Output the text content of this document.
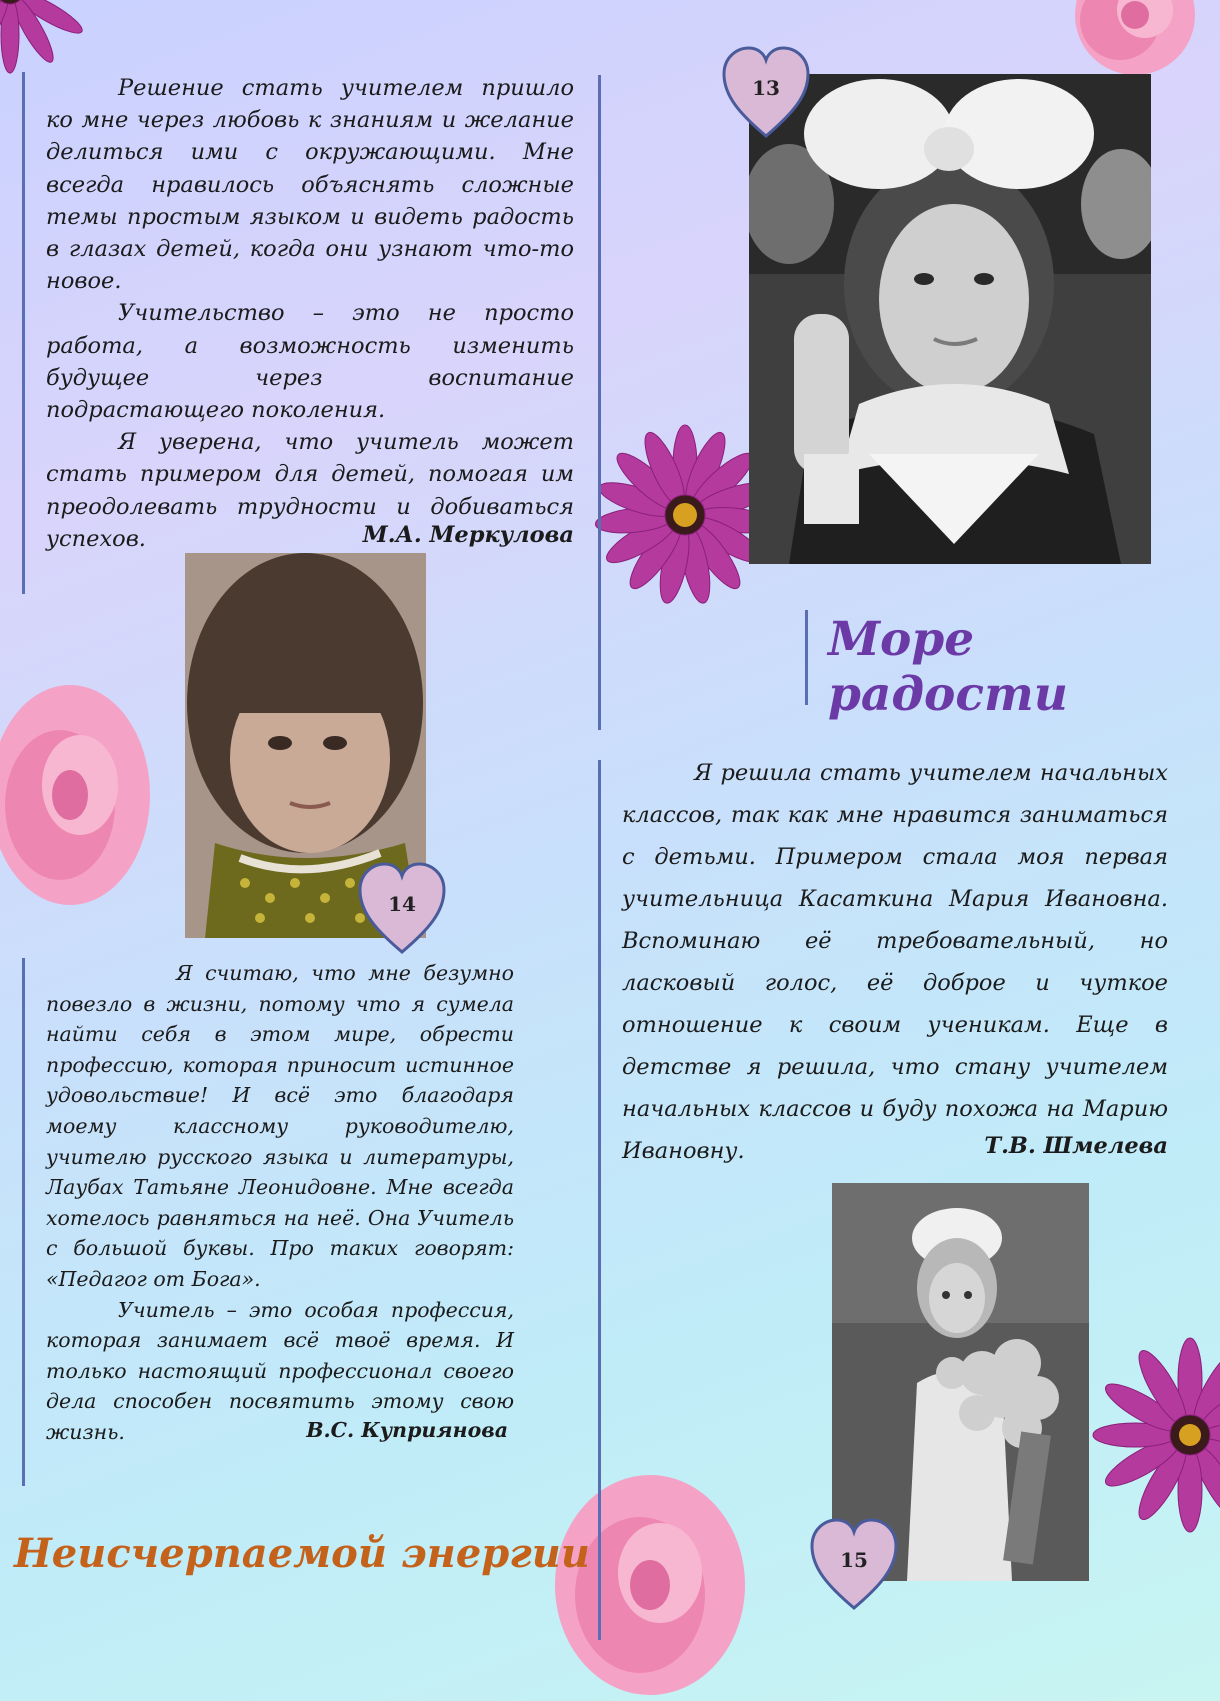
Решение стать учителем пришло ко мне через любовь к знаниям и желание делиться ими с окружающими. Мне всегда нравилось объяснять сложные темы простым языком и видеть радость в глазах детей, когда они узнают что-то новое.

Учительство – это не просто работа, а возможность изменить будущее через воспитание подрастающего поколения.

Я уверена, что учитель может стать примером для детей, помогая им преодолевать трудности и добиваться успехов.	М.А. Меркулова
14

Я считаю, что мне безумно повезло в жизни, потому что я сумела найти себя в этом мире, обрести профессию, которая приносит истинное удовольствие! И всё это благодаря моему классному руководителю, учителю русского языка и литературы, Лаубах Татьяне Леонидовне. Мне всегда хотелось равняться на неё. Она Учитель с большой буквы. Про таких говорят: «Педагог от Бога».

Учитель – это особая профессия, которая занимает всё твоё время. И только настоящий профессионал своего дела способен посвятить этому свою жизнь.	В.С. Куприянова
Неисчерпаемой энергии
13
Море радости

Я решила стать учителем начальных классов, так как мне нравится заниматься с детьми. Примером стала моя первая учительница Касаткина Мария Ивановна. Вспоминаю её требовательный, но ласковый голос, её доброе и чуткое отношение к своим ученикам. Еще в детстве я решила, что стану учителем начальных классов и буду похожа на Марию Ивановну.	Т.В. Шмелева
15
